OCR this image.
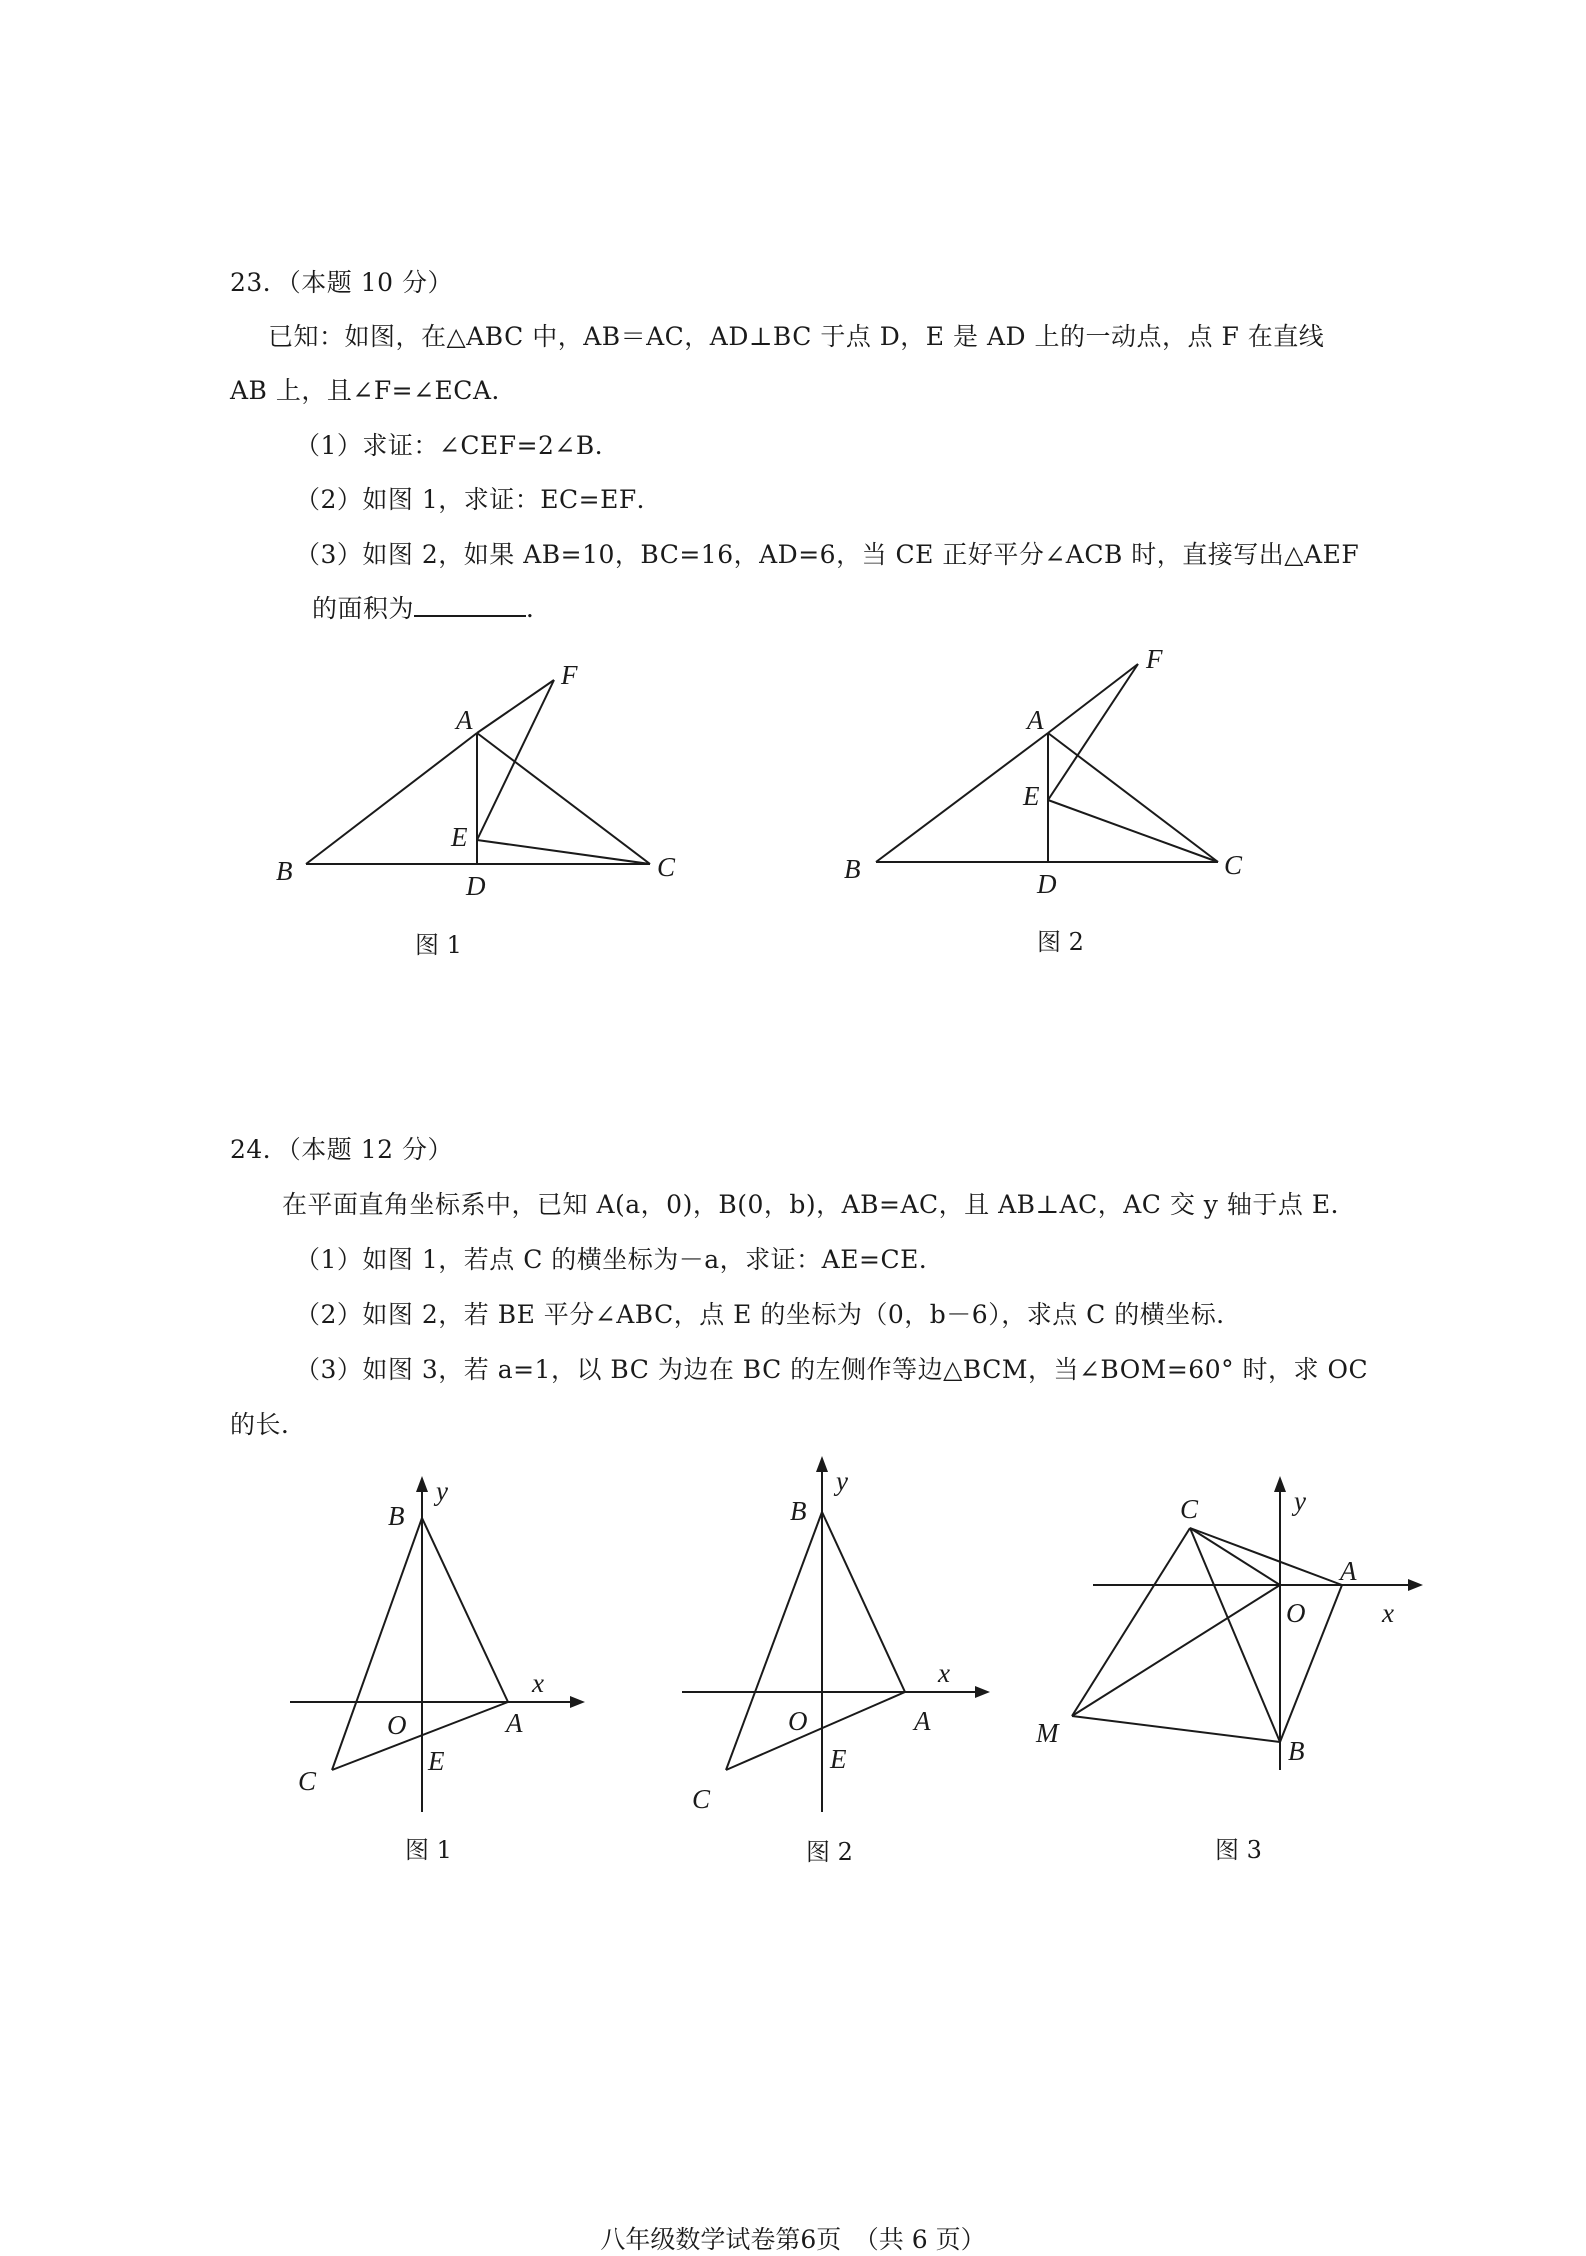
23．（本题 10 分）
已知：如图，在△ABC 中，AB＝AC，AD⊥BC 于点 D，E 是 AD 上的一动点，点 F 在直线
AB 上，且∠F=∠ECA．
（1）求证：∠CEF=2∠B．
（2）如图 1，求证：EC=EF．
（3）如图 2，如果 AB=10，BC=16，AD=6，当 CE 正好平分∠ACB 时，直接写出△AEF
的面积为	．
A
B	C
D
E
F
图 1
A
B	C
D
E
F
图 2
24．（本题 12 分）
在平面直角坐标系中，已知 A(a，0)，B(0，b)，AB=AC，且 AB⊥AC，AC 交 y 轴于点 E．
（1）如图 1，若点 C 的横坐标为－a，求证：AE=CE．
（2）如图 2，若 BE 平分∠ABC，点 E 的坐标为（0，b－6），求点 C 的横坐标．
（3）如图 3，若 a=1，以 BC 为边在 BC 的左侧作等边△BCM，当∠BOM=60° 时，求 OC
的长．
B
y
x
O	A
E
C
图 1
B
y
x
O	A
E
C
图 2
C	y
A
O	x
M
B
图 3
八年级数学试卷第6页　（共 6 页）
